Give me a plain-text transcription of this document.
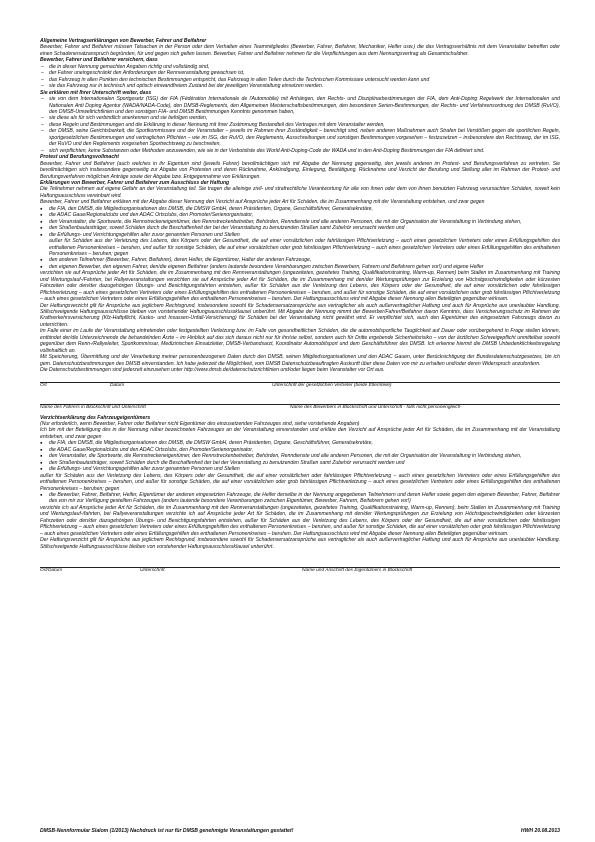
Allgemeine Vertragserklärungen von Bewerber, Fahrer und Beifahrer

Bewerber, Fahrer und Beifahrer müssen Tatsachen in der Person oder dem Verhalten eines Teammitgliedes (Bewerber, Fahrer, Beifahrer, Mechaniker, Helfer usw.) die das Vertragsverhältnis mit dem Veranstalter betreffen oder einen Schadenersatzanspruch begründen, für und gegen sich gelten lassen. Bewerber, Fahrer und Beifahrer nehmen für die Verpflichtungen aus dem Nennungsvertrag als Gesamtschuldner.

Bewerber, Fahrer und Beifahrer versichern, dass

– die in dieser Nennung gemachten Angaben richtig und vollständig sind,
– der Fahrer uneingeschränkt den Anforderungen der Rennveranstaltung gewachsen ist,
– das Fahrzeug in allen Punkten den technischen Bestimmungen entspricht, das Fahrzeug in allen Teilen durch die Technischen Kommissare untersucht werden kann und
– sie das Fahrzeug nur in technisch und optisch einwandfreiem Zustand bei der jeweiligen Veranstaltung einsetzen werden.

Sie erklären mit Ihrer Unterschrift weiter, dass

– sie von dem Internationalen Sportgesetz (ISG) der FIA (Fédération Internationale de l'Automobile) mit Anhängen, den Rechts- und Disziplinarbestimmungen der FIA, dem Anti-Doping Regelwerk der Internationalen und Nationalen Anti Doping Agentur (WADA/NADA-Code), den DMSB-Reglements, den Allgemeinen Meisterschaftsbestimmungen, den besonderen Serien-Bestimmungen, der Rechts- und Verfahrensordnung des DMSB (RuVO), den DMSB-Umweltrichtlinien und den sonstigen FIA- und DMSB Bestimmungen Kenntnis genommen haben,
– sie diese als für sich verbindlich anerkennen und sie befolgen werden,
– diese Regeln und Bestimmungen und die Erklärung in dieser Nennung mit ihrer Zustimmung Bestandteil des Vertrages mit dem Veranstalter werden,
– der DMSB, seine Gerichtsbarkeit, die Sportkommissare und der Veranstalter – jeweils im Rahmen ihrer Zuständigkeit – berechtigt sind, neben anderen Maßnahmen auch Strafen bei Verstößen gegen die sportlichen Regeln, sportgesetzlichen Bestimmungen und vertraglichen Pflichten – wie im ISG, der RuVO, den Reglements, Ausschreibungen und sonstigen Bestimmungen vorgesehen – festzusetzen – insbesondere den Rechtsweg, der im ISG, der RuVO und den Reglements vorgesehen Sportrechtsweg zu beschreiten,
– sich verpflichten, keine Substanzen oder Methoden anzuwenden, wie sie in der Verbotsliste des World Anti-Doping-Code der WADA und in den Anti-Doping Bestimmungen der FIA definiert sind.

Protest und Berufungsvollmacht

Bewerber, Fahrer und Beifahrer (auch welches in ihr Eigentum sind (jeweils Fahrer) bevollmächtigen sich mit Abgabe der Nennung gegenseitig, den jeweils anderen im Protest- und Berufungsverfahren zu vertreten. Sie bevollmächtigen sich insbesondere gegenseitig zur Abgabe von Protesten und deren Rücknahme, Ankündigung, Einlegung, Bestätigung, Rücknahme und Verzicht der Berufung und Stellung aller im Rahmen der Protest- und Berufungsverfahren möglichen Anträge sowie der Abgabe bzw. Entgegennahme von Erklärungen.

Erklärungen von Bewerber, Fahrer und Beifahrer zum Ausschluss der Haftung

Die Teilnehmer nehmen auf eigene Gefahr an der Veranstaltung teil. Sie tragen die alleinige zivil- und strafrechtliche Verantwortung für alle von ihnen oder dem von ihnen benutzten Fahrzeug verursachten Schäden, soweit kein Haftungsausschluss vereinbart wird.

Bewerber, Fahrer und Beifahrer erklären mit der Abgabe dieser Nennung den Verzicht auf Ansprüche jeder Art für Schäden, die im Zusammenhang mit der Veranstaltung entstehen, und zwar gegen

● die FIA, den DMSB, die Mitgliedsorganisationen des DMSB, die DMSW GmbH, deren Präsidenten, Organe, Geschäftsführer, Generalsekretäre,
● die ADAC Gaue/Regionalclubs und den ADAC Ortsclubs, den Promoter/Serienorganisator,
● den Veranstalter, die Sportwarte, die Rennstreckeneigentümer, den Rennstreckenbetreiber, Behörden, Renndienste und alle anderen Personen, die mit der Organisation der Veranstaltung in Verbindung stehen,
● den Straßenbaulastträger, soweit Schäden durch die Beschaffenheit der bei der Veranstaltung zu benutzenden Straßen samt Zubehör verursacht werden und
● die Erfüllungs- und Verrichtungsgehilfen aller zuvor genannten Personen und Stellen
außer für Schäden aus der Verletzung des Lebens, des Körpers oder der Gesundheit, die auf einer vorsätzlichen oder fahrlässigen Pflichtverletzung – auch eines gesetzlichen Vertreters oder eines Erfüllungsgehilfen des enthaltenen Personenkreises – beruhen, und außer für sonstige Schäden, die auf einer vorsätzlichen oder grob fahrlässigen Pflichtverletzung – auch eines gesetzlichen Vertreters oder eines Erfüllungsgehilfen des enthaltenen Personenkreises – beruhen; gegen
● den anderen Teilnehmer (Bewerber, Fahrer, Beifahrer), deren Helfer, die Eigentümer, Halter der anderen Fahrzeuge,
● den eigenen Bewerber, den eigenen Fahrer, den/die eigenen Beifahrer (anders lautende besondere Vereinbarungen zwischen Bewerbern, Fahrern und Beifahrern gehen vor!) und eigene Helfer

verzichten sie auf Ansprüche jeder Art für Schäden, die im Zusammenhang mit den Rennveranstaltungen (ungezeitetes, gezeitetes Training, Qualifikationstraining, Warm-up, Rennen) beim Stallen im Zusammenhang mit Training und Wertungslauf-/Fahrten, bei Rallyeveranstaltungen verzichten sie auf Ansprüche jeder Art für Schäden, die im Zusammenhang mit den/der Wertungsprüfungen zur Erzielung von Höchstgeschwindigkeiten oder kürzesten Fahrzeiten oder den/der dazugehörigen Übungs- und Besichtigungsfahrten entstehen, außer für Schäden aus der Verletzung des Lebens, des Körpers oder der Gesundheit, die auf einer vorsätzlichen oder fahrlässigen Pflichtverletzung – auch eines gesetzlichen Vertreters oder eines Erfüllungsgehilfen des enthaltenen Personenkreises – beruhen, und außer für sonstige Schäden, die auf einer vorsätzlichen oder grob fahrlässigen Pflichtverletzung – auch eines gesetzlichen Vertreters oder eines Erfüllungsgehilfen des enthaltenen Personenkreises – beruhen. Der Haftungsausschluss wird mit Abgabe dieser Nennung allen Beteiligten gegenüber wirksam.

Der Haftungsverzicht gilt für Ansprüche aus jeglichem Rechtsgrund, insbesondere sowohl für Schadensersatzansprüche aus vertraglicher als auch außervertraglicher Haftung und auch für Ansprüche aus unerlaubter Handlung. Stillschweigende Haftungsausschlüsse bleiben von vorstehender Haftungsausschlussklausel unberührt. Mit Abgabe der Nennung nimmt der Bewerber/Fahrer/Beifahrer davon Kenntnis, dass Versicherungsschutz im Rahmen der Kraftverkehrsversicherung (Kfz-Haftpflicht, Kasko- und Insassen-Unfall-Versicherung) für Schäden bei der Veranstaltung nicht gewährt wird. Er verpflichtet sich, auch den Eigentümer des eingesetzten Fahrzeugs davon zu unterrichten.

Im Falle einer im Laufe der Veranstaltung eintretenden oder festgestellten Verletzung bzw. im Falle von gesundheitlichen Schäden, die die automobilsportliche Tauglichkeit auf Dauer oder vorübergehend in Frage stellen können, entbindet der/die Unterzeichnende die behandelnden Ärzte – im Hinblick auf das sich daraus nicht nur für ihn/sie selbst, sondern auch für Dritte ergebende Sicherheitsrisiko – von der ärztlichen Schweigepflicht unmittelbar sowohl gegenüber dem Renn-/Rallyeleiter, Sportkommissar, Medizinischen Einsatzleiter, DMSB-Verbandsarzt, Koordinator Automobilsport und dem Geschäftsführer des DMSB. Ich erkenne hiermit die DMSB Unbedenklichkeitsregelung vollinhaltlich an.

Mit Speicherung, Übermittlung und der Verarbeitung meiner personenbezogenen Daten durch den DMSB, seinen Mitgliedsorganisationen und den ADAC Gauen, unter Berücksichtigung der Bundesdatenschutzgesetzes, bin ich gem. Datenschutzbestimmungen des DMSB einverstanden. Ich habe jederzeit die Möglichkeit, vom DMSB Datenschutzbeauftragten Auskunft über diese Daten von mir zu erhalten und/oder deren Widerspruch anzufordern.

Die Datenschutzbestimmungen sind jederzeit einzusehen unter http://www.dmsb.de/datenschutzrichtlinien und/oder liegen beim Veranstalter vor Ort aus.

Ort	Datum	Unterschrift der gesetzlichen Vertreter (beide Elternteile)
Name des Fahrers in Blockschrift und Unterschrift	Name des Bewerbers in Blockschrift und Unterschrift - falls nicht personengleich-

Verzichtserklärung des Fahrzeugeigentümers

(Nur erforderlich, wenn Bewerber, Fahrer oder Beifahrer nicht Eigentümer des einzusetzenden Fahrzeuges sind, siehe vorstehende Angaben)

Ich bin mit der Beteiligung des in der Nennung näher bezeichneten Fahrzeuges an der Veranstaltung einverstanden und erkläre den Verzicht auf Ansprüche jeder Art für Schäden, die im Zusammenhang mit der Veranstaltung entstehen, und zwar gegen

● die FIA, den DMSB, die Mitgliedsorganisationen des DMSB, die DMSW GmbH, deren Präsidenten, Organe, Geschäftsführer, Generalsekretäre,
● die ADAC Gaue/Regionalclubs und den ADAC Ortsclubs, den Promoter/Serienorganisator,
● den Veranstalter, die Sportwarte, die Rennstreckeneigentümer, den Rennstreckenbetreiber, Behörden, Renndienste und alle anderen Personen, die mit der Organisation der Veranstaltung in Verbindung stehen,
● den Straßenbaulastträger, soweit Schäden durch die Beschaffenheit der bei der Veranstaltung zu benutzenden Straßen samt Zubehör verursacht werden und
● die Erfüllungs- und Verrichtungsgehilfen aller zuvor genannten Personen und Stellen

außer für Schäden aus der Verletzung des Lebens, des Körpers oder der Gesundheit, die auf einer vorsätzlichen oder fahrlässigen Pflichtverletzung – auch eines gesetzlichen Vertreters oder eines Erfüllungsgehilfen des enthaltenen Personenkreises – beruhen, und außer für sonstige Schäden, die auf einer vorsätzlichen oder grob fahrlässigen Pflichtverletzung – auch eines gesetzlichen Vertreters oder eines Erfüllungsgehilfen des enthaltenen Personenkreises – beruhen; gegen

● die Bewerber, Fahrer, Beifahrer, Helfer, Eigentümer der anderen eingesetzten Fahrzeuge, die Helfer derselbe in der Nennung angegebenen Teilnehmern und deren Helfer sowie gegen den eigenen Bewerber, Fahrer, Beifahrer des von mir zur Verfügung gestellten Fahrzeuges (anders lautende besondere Vereinbarungen zwischen Eigentümer, Bewerber, Fahrern, Beifahrern gehen vor!)

verzichte ich auf Ansprüche jeder Art für Schäden, die im Zusammenhang mit den Rennveranstaltungen (ungezeitetes, gezeitetes Training, Qualifikationstraining, Warm-up, Rennen), beim Stallen im Zusammenhang mit Training und Wertungslauf-/fahrten, bei Rallyeveranstaltungen verzichte ich auf Ansprüche jeder Art für Schäden, die im Zusammenhang mit den/der Wertungsprüfungen zur Erzielung von Höchstgeschwindigkeiten oder kürzesten Fahrzeiten oder den/der dazugehörigen Übungs- und Besichtigungsfahrten entstehen, außer für Schäden aus der Verletzung des Lebens, des Körpers oder der Gesundheit, die auf einer vorsätzlichen oder fahrlässigen Pflichtverletzung – auch eines gesetzlichen Vertreters oder eines Erfüllungsgehilfen des enthaltenen Personenkreises – beruhen, und außer für sonstige Schäden, die auf einer vorsätzlichen oder grob fahrlässigen Pflichtverletzung – auch eines gesetzlichen Vertreters oder eines Erfüllungsgehilfen des enthaltenen Personenkreises – beruhen. Der Haftungsausschluss wird mit Abgabe dieser Nennung allen Beteiligten gegenüber wirksam.

Der Haftungsverzicht gilt für Ansprüche aus jeglichem Rechtsgrund, insbesondere sowohl für Schadensersatzansprüche aus vertraglicher als auch außervertraglicher Haftung und auch für Ansprüche aus unerlaubter Handlung. Stillschweigende Haftungsausschlüsse bleiben von vorstehender Haftungsausschlussklausel unberührt.

Ort/Datum	Unterschrift	Name und Anschrift des Eigentümers in Blockschrift
DMSB-Nennformular Slalom (1/2013) Nachdruck ist nur für DMSB genehmigte Veranstaltungen gestattet!	HWH 20.08.2013
